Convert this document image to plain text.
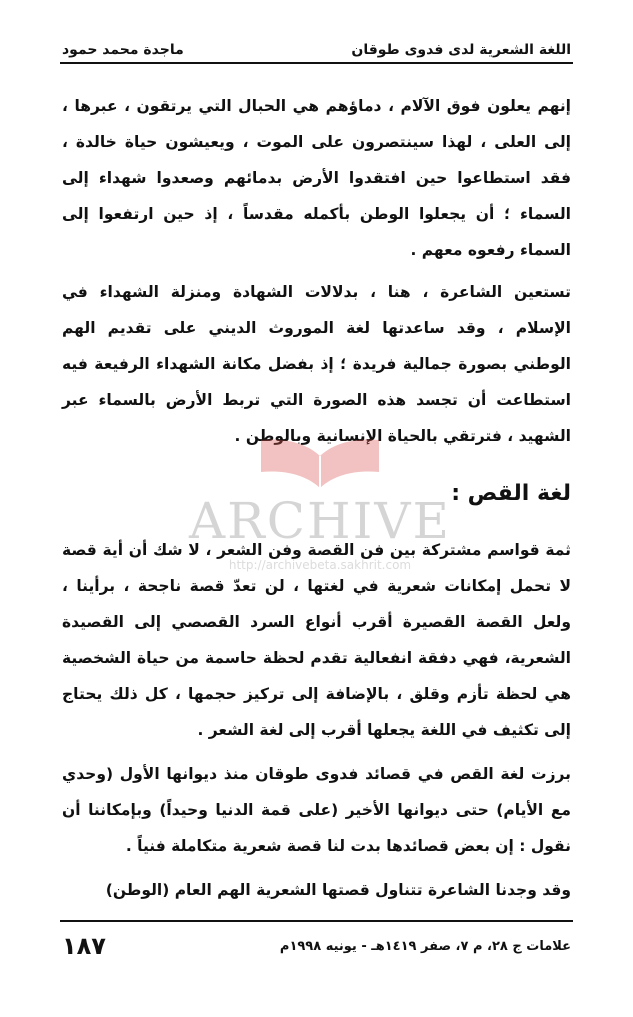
اللغة الشعرية لدى فدوى طوقان
ماجدة محمد حمود

إنهم يعلون فوق الآلام ، دماؤهم هي الحبال التي يرتقون ، عبرها ، إلى العلى ، لهذا سينتصرون على الموت ، ويعيشون حياة خالدة ، فقد استطاعوا حين افتقدوا الأرض بدمائهم وصعدوا شهداء إلى السماء ؛ أن يجعلوا الوطن بأكمله مقدساً ، إذ حين ارتفعوا إلى السماء رفعوه معهم .

تستعين الشاعرة ، هنا ، بدلالات الشهادة ومنزلة الشهداء في الإسلام ، وقد ساعدتها لغة الموروث الديني على تقديم الهم الوطني بصورة جمالية فريدة ؛ إذ بفضل مكانة الشهداء الرفيعة فيه استطاعت أن تجسد هذه الصورة التي تربط الأرض بالسماء عبر الشهيد ، فترتقي بالحياة الإنسانية وبالوطن .

لغة القص :

ثمة قواسم مشتركة بين فن القصة وفن الشعر ، لا شك أن أية قصة لا تحمل إمكانات شعرية في لغتها ، لن تعدّ قصة ناجحة ، برأينا ، ولعل القصة القصيرة أقرب أنواع السرد القصصي إلى القصيدة الشعرية، فهي دفقة انفعالية تقدم لحظة حاسمة من حياة الشخصية هي لحظة تأزم وقلق ، بالإضافة إلى تركيز حجمها ، كل ذلك يحتاج إلى تكثيف في اللغة يجعلها أقرب إلى لغة الشعر .

برزت لغة القص في قصائد فدوى طوقان منذ ديوانها الأول (وحدي مع الأيام) حتى ديوانها الأخير (على قمة الدنيا وحيداً) وبإمكاننا أن نقول : إن بعض قصائدها بدت لنا قصة شعرية متكاملة فنياً .

وقد وجدنا الشاعرة تتناول قصتها الشعرية الهم العام (الوطن)

ARCHIVE
http://archivebeta.sakhrit.com
علامات ج ٢٨، م ٧، صفر ١٤١٩هـ - يونيه ١٩٩٨م
١٨٧
